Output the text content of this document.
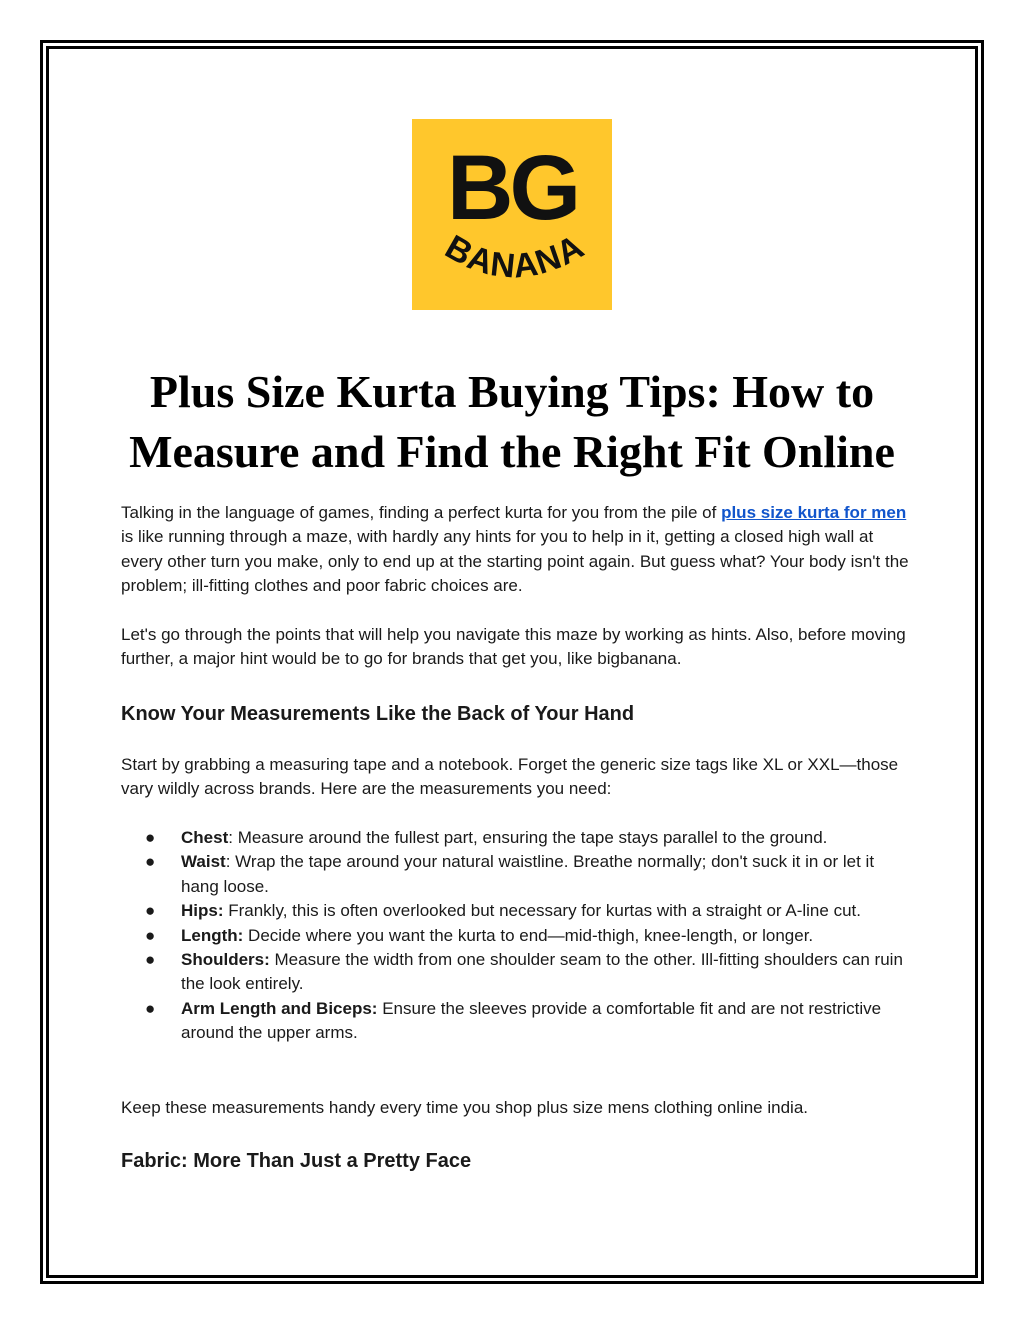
BG
BANANA
Plus Size Kurta Buying Tips: How to
Measure and Find the Right Fit Online

Talking in the language of games, finding a perfect kurta for you from the pile of plus size kurta for men is like running through a maze, with hardly any hints for you to help in it, getting a closed high wall at every other turn you make, only to end up at the starting point again. But guess what? Your body isn't the problem; ill-fitting clothes and poor fabric choices are.

Let's go through the points that will help you navigate this maze by working as hints. Also, before moving further, a major hint would be to go for brands that get you, like bigbanana.

Know Your Measurements Like the Back of Your Hand

Start by grabbing a measuring tape and a notebook. Forget the generic size tags like XL or XXL—those vary wildly across brands. Here are the measurements you need:

● Chest: Measure around the fullest part, ensuring the tape stays parallel to the ground.
● Waist: Wrap the tape around your natural waistline. Breathe normally; don't suck it in or let it hang loose.
● Hips: Frankly, this is often overlooked but necessary for kurtas with a straight or A-line cut.
● Length: Decide where you want the kurta to end—mid-thigh, knee-length, or longer.
● Shoulders: Measure the width from one shoulder seam to the other. Ill-fitting shoulders can ruin the look entirely.
● Arm Length and Biceps: Ensure the sleeves provide a comfortable fit and are not restrictive around the upper arms.

Keep these measurements handy every time you shop plus size mens clothing online india.

Fabric: More Than Just a Pretty Face
